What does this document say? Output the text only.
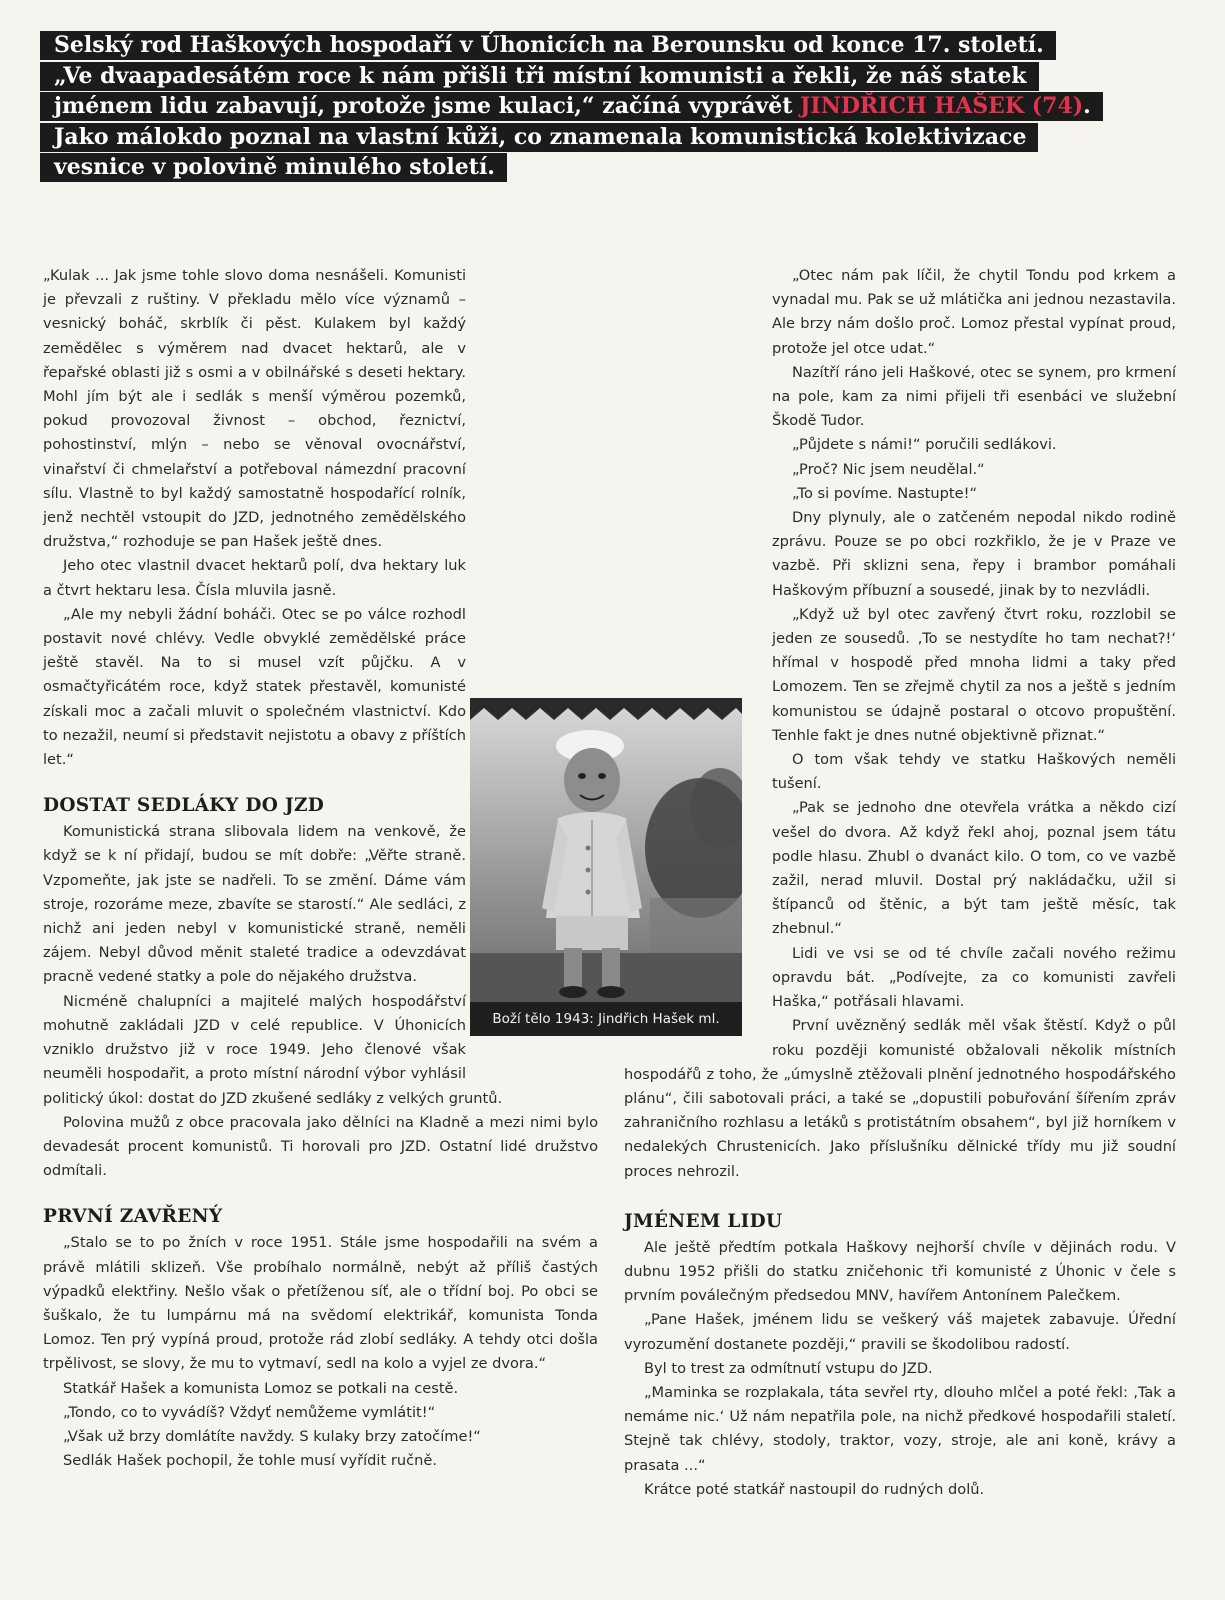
Selský rod Haškových hospodaří v Úhonicích na Berounsku od konce 17. století.
„Ve dvaapadesátém roce k nám přišli tři místní komunisti a řekli, že náš statek
jménem lidu zabavují, protože jsme kulaci,“ začíná vyprávět JINDŘICH HAŠEK (74).
Jako málokdo poznal na vlastní kůži, co znamenala komunistická kolektivizace
vesnice v polovině minulého století.

„Kulak ... Jak jsme tohle slovo doma nesnášeli. Komunisti je převzali z ruštiny. V překladu mělo více významů – vesnický boháč, skrblík či pěst. Kulakem byl každý zemědělec s výměrem nad dvacet hektarů, ale v řepařské oblasti již s osmi a v obilnářské s deseti hektary. Mohl jím být ale i sedlák s menší výměrou pozemků, pokud provozoval živnost – obchod, řeznictví, pohostinství, mlýn – nebo se věnoval ovocnářství, vinařství či chmelařství a potřeboval námezdní pracovní sílu. Vlastně to byl každý samostatně hospodařící rolník, jenž nechtěl vstoupit do JZD, jednotného zemědělského družstva,“ rozhoduje se pan Hašek ještě dnes.

Jeho otec vlastnil dvacet hektarů polí, dva hektary luk a čtvrt hektaru lesa. Čísla mluvila jasně.

„Ale my nebyli žádní boháči. Otec se po válce rozhodl postavit nové chlévy. Vedle obvyklé zemědělské práce ještě stavěl. Na to si musel vzít půjčku. A v osmačtyřicátém roce, když statek přestavěl, komunisté získali moc a začali mluvit o společném vlastnictví. Kdo to nezažil, neumí si představit nejistotu a obavy z příštích let.“

DOSTAT SEDLÁKY DO JZD

Komunistická strana slibovala lidem na venkově, že když se k ní přidají, budou se mít dobře: „Věřte straně. Vzpomeňte, jak jste se nadřeli. To se změní. Dáme vám stroje, rozoráme meze, zbavíte se starostí.“ Ale sedláci, z nichž ani jeden nebyl v komunistické straně, neměli zájem. Nebyl důvod měnit staleté tradice a odevzdávat pracně vedené statky a pole do nějakého družstva.

Nicméně chalupníci a majitelé malých hospodářství mohutně zakládali JZD v celé republice. V Úhonicích vzniklo družstvo již v roce 1949. Jeho členové však neuměli hospodařit, a proto místní národní výbor vyhlásil politický úkol: dostat do JZD zkušené sedláky z velkých gruntů.

Polovina mužů z obce pracovala jako dělníci na Kladně a mezi nimi bylo devadesát procent komunistů. Ti horovali pro JZD. Ostatní lidé družstvo odmítali.

PRVNÍ ZAVŘENÝ

„Stalo se to po žních v roce 1951. Stále jsme hospodařili na svém a právě mlátili sklizeň. Vše probíhalo normálně, nebýt až příliš častých výpadků elektřiny. Nešlo však o přetíženou síť, ale o třídní boj. Po obci se šuškalo, že tu lumpárnu má na svědomí elektrikář, komunista Tonda Lomoz. Ten prý vypíná proud, protože rád zlobí sedláky. A tehdy otci došla trpělivost, se slovy, že mu to vytmaví, sedl na kolo a vyjel ze dvora.“

Statkář Hašek a komunista Lomoz se potkali na cestě.

„Tondo, co to vyvádíš? Vždyť nemůžeme vymlátit!“

„Však už brzy domlátíte navždy. S kulaky brzy zatočíme!“

Sedlák Hašek pochopil, že tohle musí vyřídit ručně.

„Otec nám pak líčil, že chytil Tondu pod krkem a vynadal mu. Pak se už mlátička ani jednou nezastavila. Ale brzy nám došlo proč. Lomoz přestal vypínat proud, protože jel otce udat.“

Nazítří ráno jeli Haškové, otec se synem, pro krmení na pole, kam za nimi přijeli tři esenbáci ve služební Škodě Tudor.

„Půjdete s námi!“ poručili sedlákovi.

„Proč? Nic jsem neudělal.“

„To si povíme. Nastupte!“

Dny plynuly, ale o zatčeném nepodal nikdo rodině zprávu. Pouze se po obci rozkřiklo, že je v Praze ve vazbě. Při sklizni sena, řepy i brambor pomáhali Haškovým příbuzní a sousedé, jinak by to nezvládli.

„Když už byl otec zavřený čtvrt roku, rozzlobil se jeden ze sousedů. ‚To se nestydíte ho tam nechat?!‘ hřímal v hospodě před mnoha lidmi a taky před Lomozem. Ten se zřejmě chytil za nos a ještě s jedním komunistou se údajně postaral o otcovo propuštění. Tenhle fakt je dnes nutné objektivně přiznat.“

O tom však tehdy ve statku Haškových neměli tušení.

„Pak se jednoho dne otevřela vrátka a někdo cizí vešel do dvora. Až když řekl ahoj, poznal jsem tátu podle hlasu. Zhubl o dvanáct kilo. O tom, co ve vazbě zažil, nerad mluvil. Dostal prý nakládačku, užil si štípanců od štěnic, a být tam ještě měsíc, tak zhebnul.“

Lidi ve vsi se od té chvíle začali nového režimu opravdu bát. „Podívejte, za co komunisti zavřeli Haška,“ potřásali hlavami.

První uvězněný sedlák měl však štěstí. Když o půl roku později komunisté obžalovali několik místních hospodářů z toho, že „úmyslně ztěžovali plnění jednotného hospodářského plánu“, čili sabotovali práci, a také se „dopustili pobuřování šířením zpráv zahraničního rozhlasu a letáků s protistátním obsahem“, byl již horníkem v nedalekých Chrustenicích. Jako příslušníku dělnické třídy mu již soudní proces nehrozil.

JMÉNEM LIDU

Ale ještě předtím potkala Haškovy nejhorší chvíle v dějinách rodu. V dubnu 1952 přišli do statku zničehonic tři komunisté z Úhonic v čele s prvním poválečným předsedou MNV, havířem Antonínem Palečkem.

„Pane Hašek, jménem lidu se veškerý váš majetek zabavuje. Úřední vyrozumění dostanete později,“ pravili se škodolibou radostí.

Byl to trest za odmítnutí vstupu do JZD.

„Maminka se rozplakala, táta sevřel rty, dlouho mlčel a poté řekl: ‚Tak a nemáme nic.‘ Už nám nepatřila pole, na nichž předkové hospodařili staletí. Stejně tak chlévy, stodoly, traktor, vozy, stroje, ale ani koně, krávy a prasata ...“

Krátce poté statkář nastoupil do rudných dolů.

Boží tělo 1943: Jindřich Hašek ml.
